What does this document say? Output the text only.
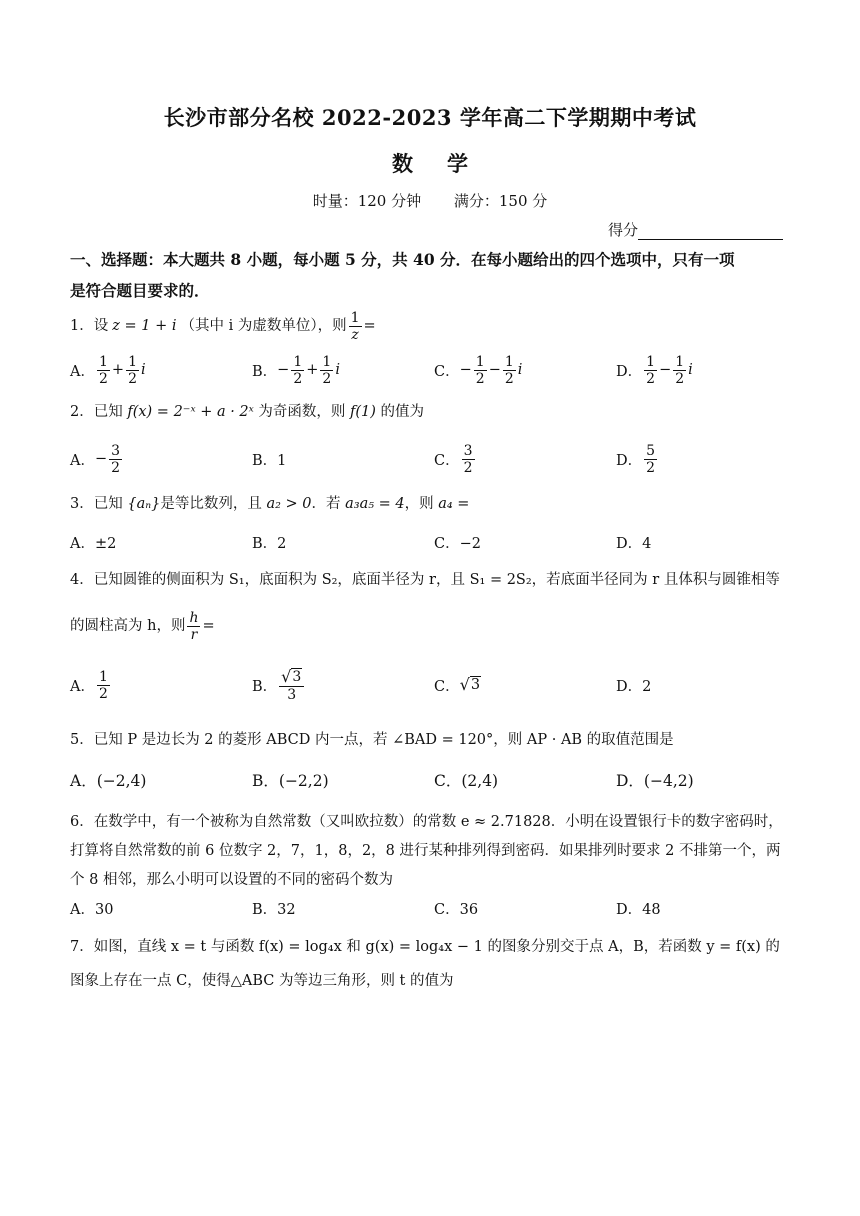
长沙市部分名校 2022-2023 学年高二下学期期中考试
数学
时量：120 分钟 满分：150 分
得分
一、选择题：本大题共 8 小题，每小题 5 分，共 40 分．在每小题给出的四个选项中，只有一项
是符合题目要求的．
1． 设 z = 1 + i （其中 i 为虚数单位），则 $\frac{1}{z}$ =
A． $\frac{1}{2} + \frac{1}{2}$ i	B． − $\frac{1}{2} + \frac{1}{2}$ i	C． − $\frac{1}{2} - \frac{1}{2}$ i	D． $\frac{1}{2} - \frac{1}{2}$ i
2．已知 f(x) = 2⁻ˣ + a · 2ˣ 为奇函数，则 f(1) 的值为
A． − $\frac{3}{2}$	B．1	C． $\frac{3}{2}$	D． $\frac{5}{2}$
3．已知 {aₙ}是等比数列，且 a₂ > 0．若 a₃a₅ = 4，则 a₄ =
A．±2	B．2	C．−2	D．4
4．已知圆锥的侧面积为 S₁，底面积为 S₂，底面半径为 r，且 S₁ = 2S₂，若底面半径同为 r 且体积与圆锥相等
的圆柱高为 h，则 $\frac{h}{r}$ =
A． $\frac{1}{2}$	B． $\frac{√ 3}{3}$	C． √ 3	D．2
5．已知 P 是边长为 2 的菱形 ABCD 内一点，若 ∠BAD = 120°，则 AP · AB 的取值范围是
A．(−2,4)	B．(−2,2)	C．(2,4)	D．(−4,2)
6．在数学中，有一个被称为自然常数（又叫欧拉数）的常数 e ≈ 2.71828．小明在设置银行卡的数字密码时，
打算将自然常数的前 6 位数字 2，7，1，8，2，8 进行某种排列得到密码．如果排列时要求 2 不排第一个，两
个 8 相邻，那么小明可以设置的不同的密码个数为
A．30	B．32	C．36	D．48
7．如图，直线 x = t 与函数 f(x) = log₄x 和 g(x) = log₄x − 1 的图象分别交于点 A，B，若函数 y = f(x) 的
图象上存在一点 C，使得△ABC 为等边三角形，则 t 的值为
